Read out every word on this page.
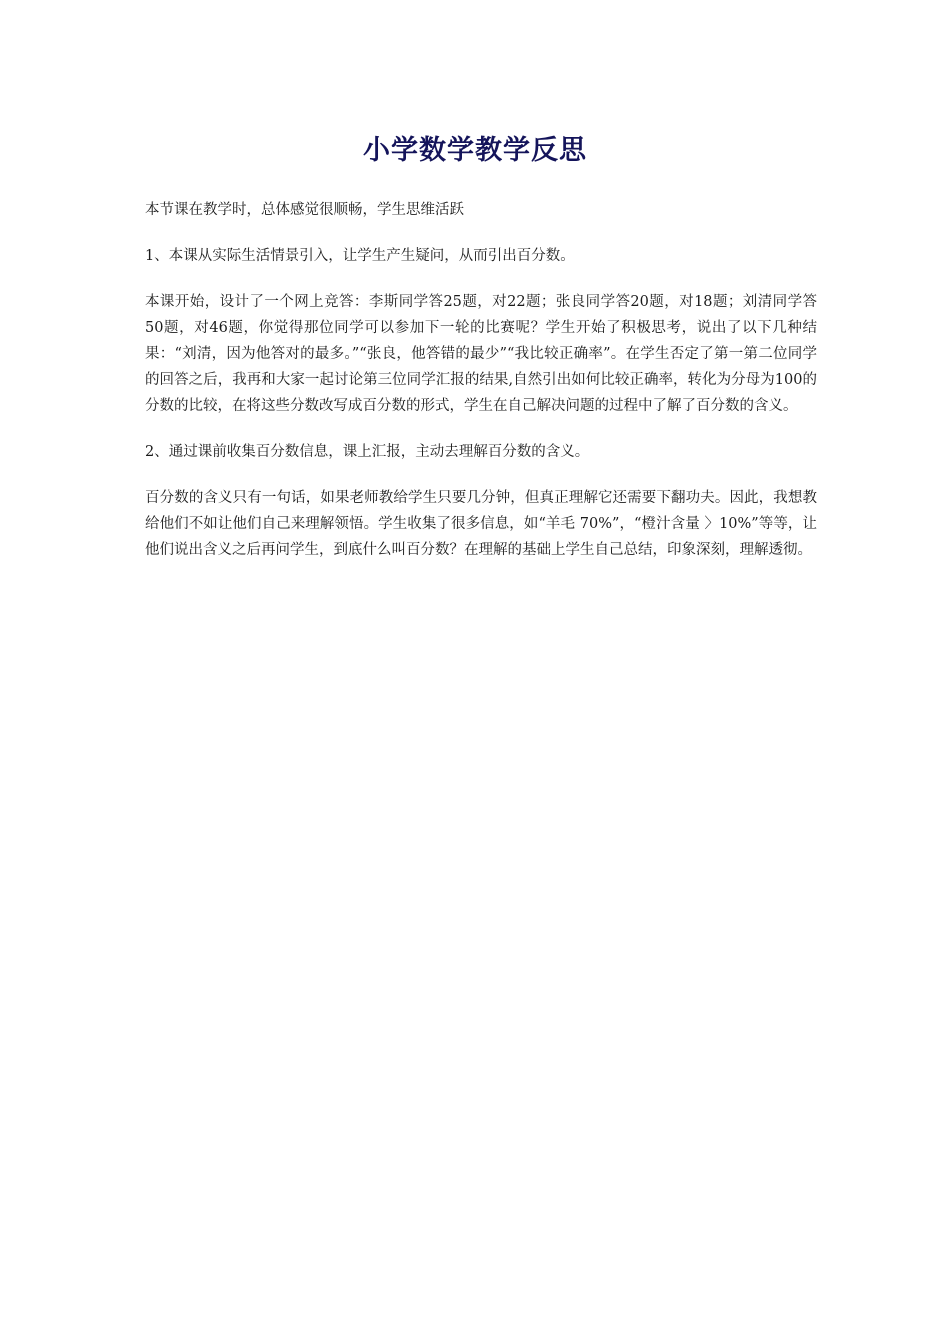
小学数学教学反思

本节课在教学时，总体感觉很顺畅，学生思维活跃

1、本课从实际生活情景引入，让学生产生疑问，从而引出百分数。

本课开始，设计了一个网上竞答：李斯同学答25题，对22题；张良同学答20题，对18题；刘清同学答50题，对46题，你觉得那位同学可以参加下一轮的比赛呢？学生开始了积极思考，说出了以下几种结果：“刘清，因为他答对的最多。”“张良，他答错的最少”“我比较正确率”。在学生否定了第一第二位同学的回答之后，我再和大家一起讨论第三位同学汇报的结果,自然引出如何比较正确率，转化为分母为100的分数的比较，在将这些分数改写成百分数的形式，学生在自己解决问题的过程中了解了百分数的含义。

2、通过课前收集百分数信息，课上汇报，主动去理解百分数的含义。

百分数的含义只有一句话，如果老师教给学生只要几分钟，但真正理解它还需要下翻功夫。因此，我想教给他们不如让他们自己来理解领悟。学生收集了很多信息，如“羊毛 70%”，“橙汁含量 〉10%”等等，让他们说出含义之后再问学生，到底什么叫百分数？在理解的基础上学生自己总结，印象深刻，理解透彻。
